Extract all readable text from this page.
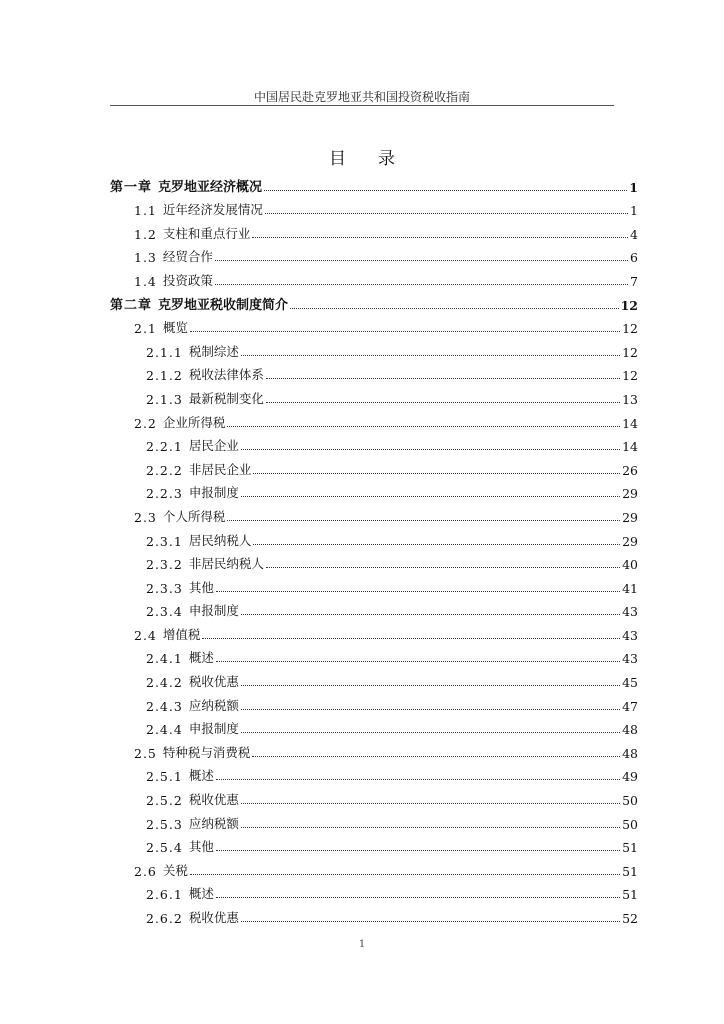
中国居民赴克罗地亚共和国投资税收指南
目录
第一章 克罗地亚经济概况	1
1.1 近年经济发展情况	1
1.2 支柱和重点行业	4
1.3 经贸合作	6
1.4 投资政策	7
第二章 克罗地亚税收制度简介	12
2.1 概览	12
2.1.1 税制综述	12
2.1.2 税收法律体系	12
2.1.3 最新税制变化	13
2.2 企业所得税	14
2.2.1 居民企业	14
2.2.2 非居民企业	26
2.2.3 申报制度	29
2.3 个人所得税	29
2.3.1 居民纳税人	29
2.3.2 非居民纳税人	40
2.3.3 其他	41
2.3.4 申报制度	43
2.4 增值税	43
2.4.1 概述	43
2.4.2 税收优惠	45
2.4.3 应纳税额	47
2.4.4 申报制度	48
2.5 特种税与消费税	48
2.5.1 概述	49
2.5.2 税收优惠	50
2.5.3 应纳税额	50
2.5.4 其他	51
2.6 关税	51
2.6.1 概述	51
2.6.2 税收优惠	52
1
